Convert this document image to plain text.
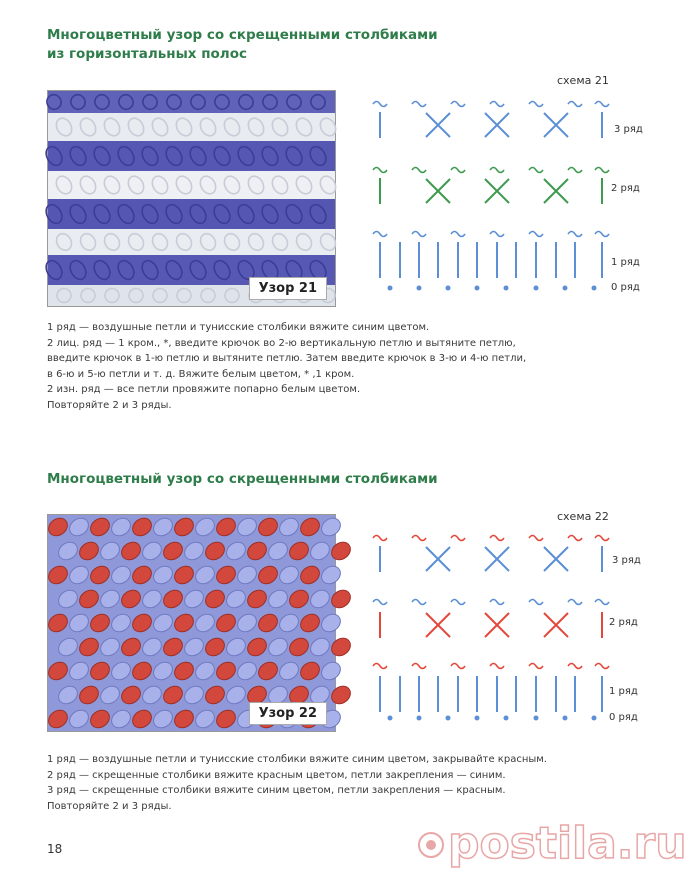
Многоцветный узор со скрещенными столбиками
из горизонтальных полос
Узор 21
схема 21
3 ряд
2 ряд
1 ряд
0 ряд

1 ряд — воздушные петли и тунисские столбики вяжите синим цветом.

2 лиц. ряд — 1 кром., *, введите крючок во 2-ю вертикальную петлю и вытяните петлю,

введите крючок в 1-ю петлю и вытяните петлю. Затем введите крючок в 3-ю и 4-ю петли,

в 6-ю и 5-ю петли и т. д. Вяжите белым цветом, * ,1 кром.

2 изн. ряд — все петли провяжите попарно белым цветом.

Повторяйте 2 и 3 ряды.

Многоцветный узор со скрещенными столбиками
Узор 22
схема 22
3 ряд
2 ряд
1 ряд
0 ряд

1 ряд — воздушные петли и тунисские столбики вяжите синим цветом, закрывайте красным.

2 ряд — скрещенные столбики вяжите красным цветом, петли закрепления — синим.

3 ряд — скрещенные столбики вяжите синим цветом, петли закрепления — красным.

Повторяйте 2 и 3 ряды.

18	postila.ru
